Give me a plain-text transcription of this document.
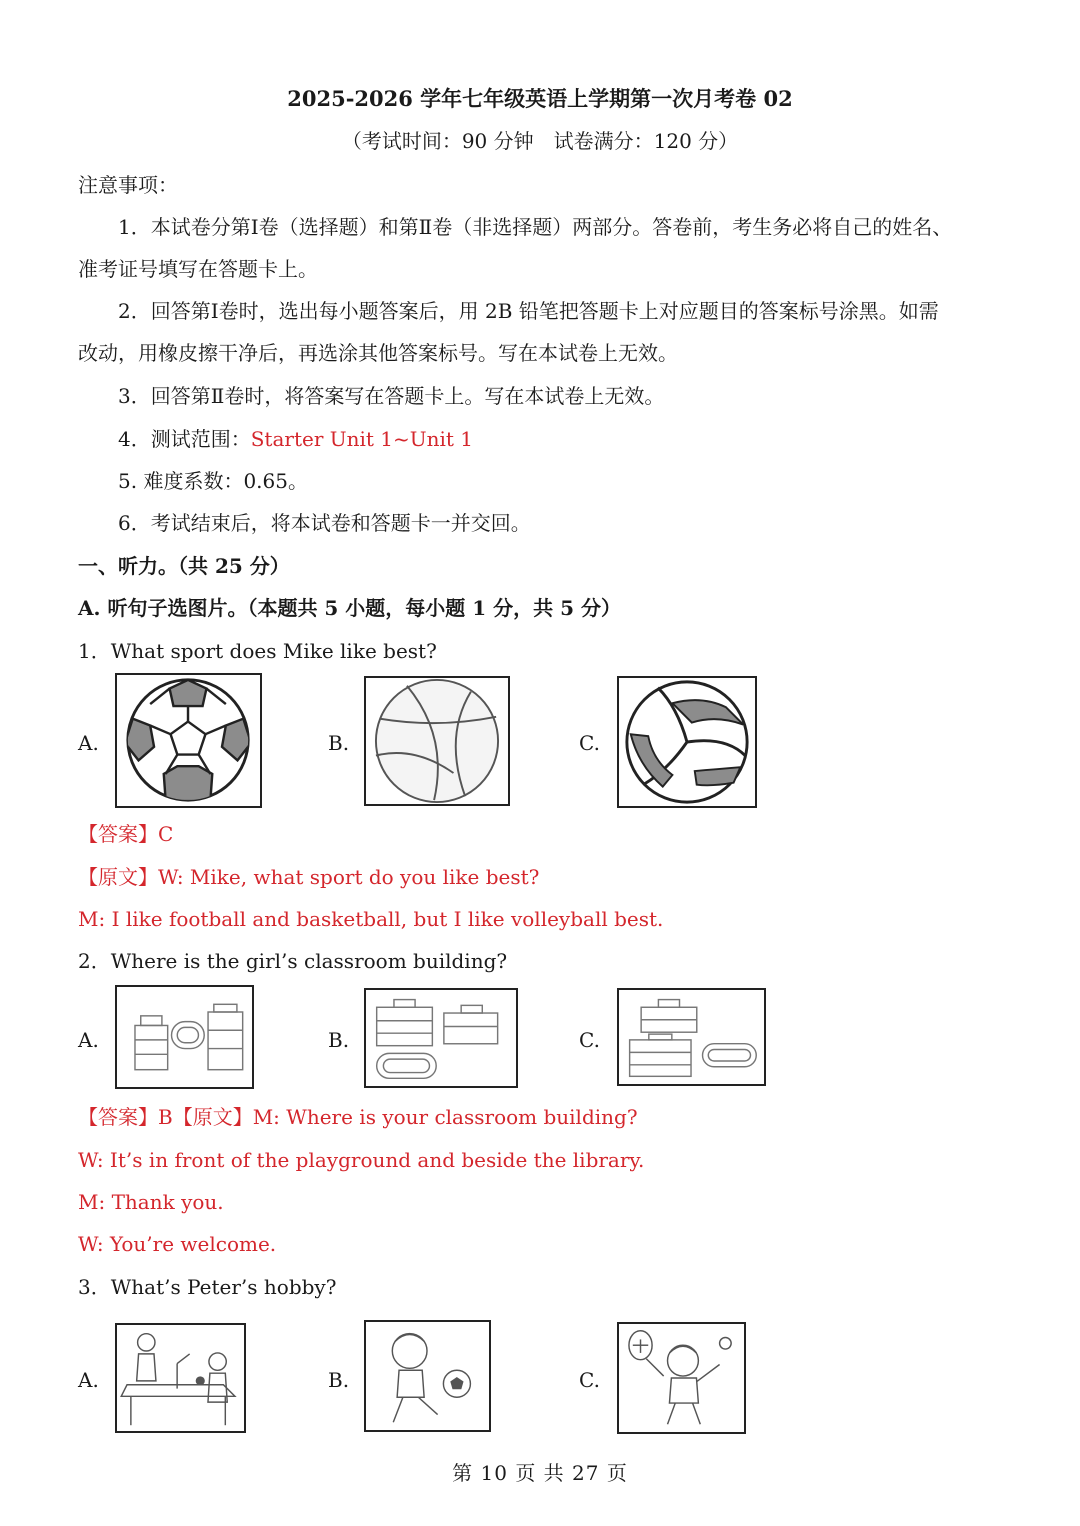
2025-2026 学年七年级英语上学期第一次月考卷 02
（考试时间：90 分钟　试卷满分：120 分）
注意事项：
1．本试卷分第Ⅰ卷（选择题）和第Ⅱ卷（非选择题）两部分。答卷前，考生务必将自己的姓名、
准考证号填写在答题卡上。
2．回答第Ⅰ卷时，选出每小题答案后，用 2B 铅笔把答题卡上对应题目的答案标号涂黑。如需
改动，用橡皮擦干净后，再选涂其他答案标号。写在本试卷上无效。
3．回答第Ⅱ卷时，将答案写在答题卡上。写在本试卷上无效。
4．测试范围：Starter Unit 1~Unit 1
5. 难度系数：0.65。
6．考试结束后，将本试卷和答题卡一并交回。
一、听力。（共 25 分）
A. 听句子选图片。（本题共 5 小题，每小题 1 分，共 5 分）
1．What sport does Mike like best?
A.	B.	C.
【答案】C
【原文】W: Mike, what sport do you like best?
M: I like football and basketball, but I like volleyball best.
2．Where is the girl’s classroom building?
A.	B.	C.
【答案】B【原文】M: Where is your classroom building?
W: It’s in front of the playground and beside the library.
M: Thank you.
W: You’re welcome.
3．What’s Peter’s hobby?
A.	B.	C.
第 10 页 共 27 页
